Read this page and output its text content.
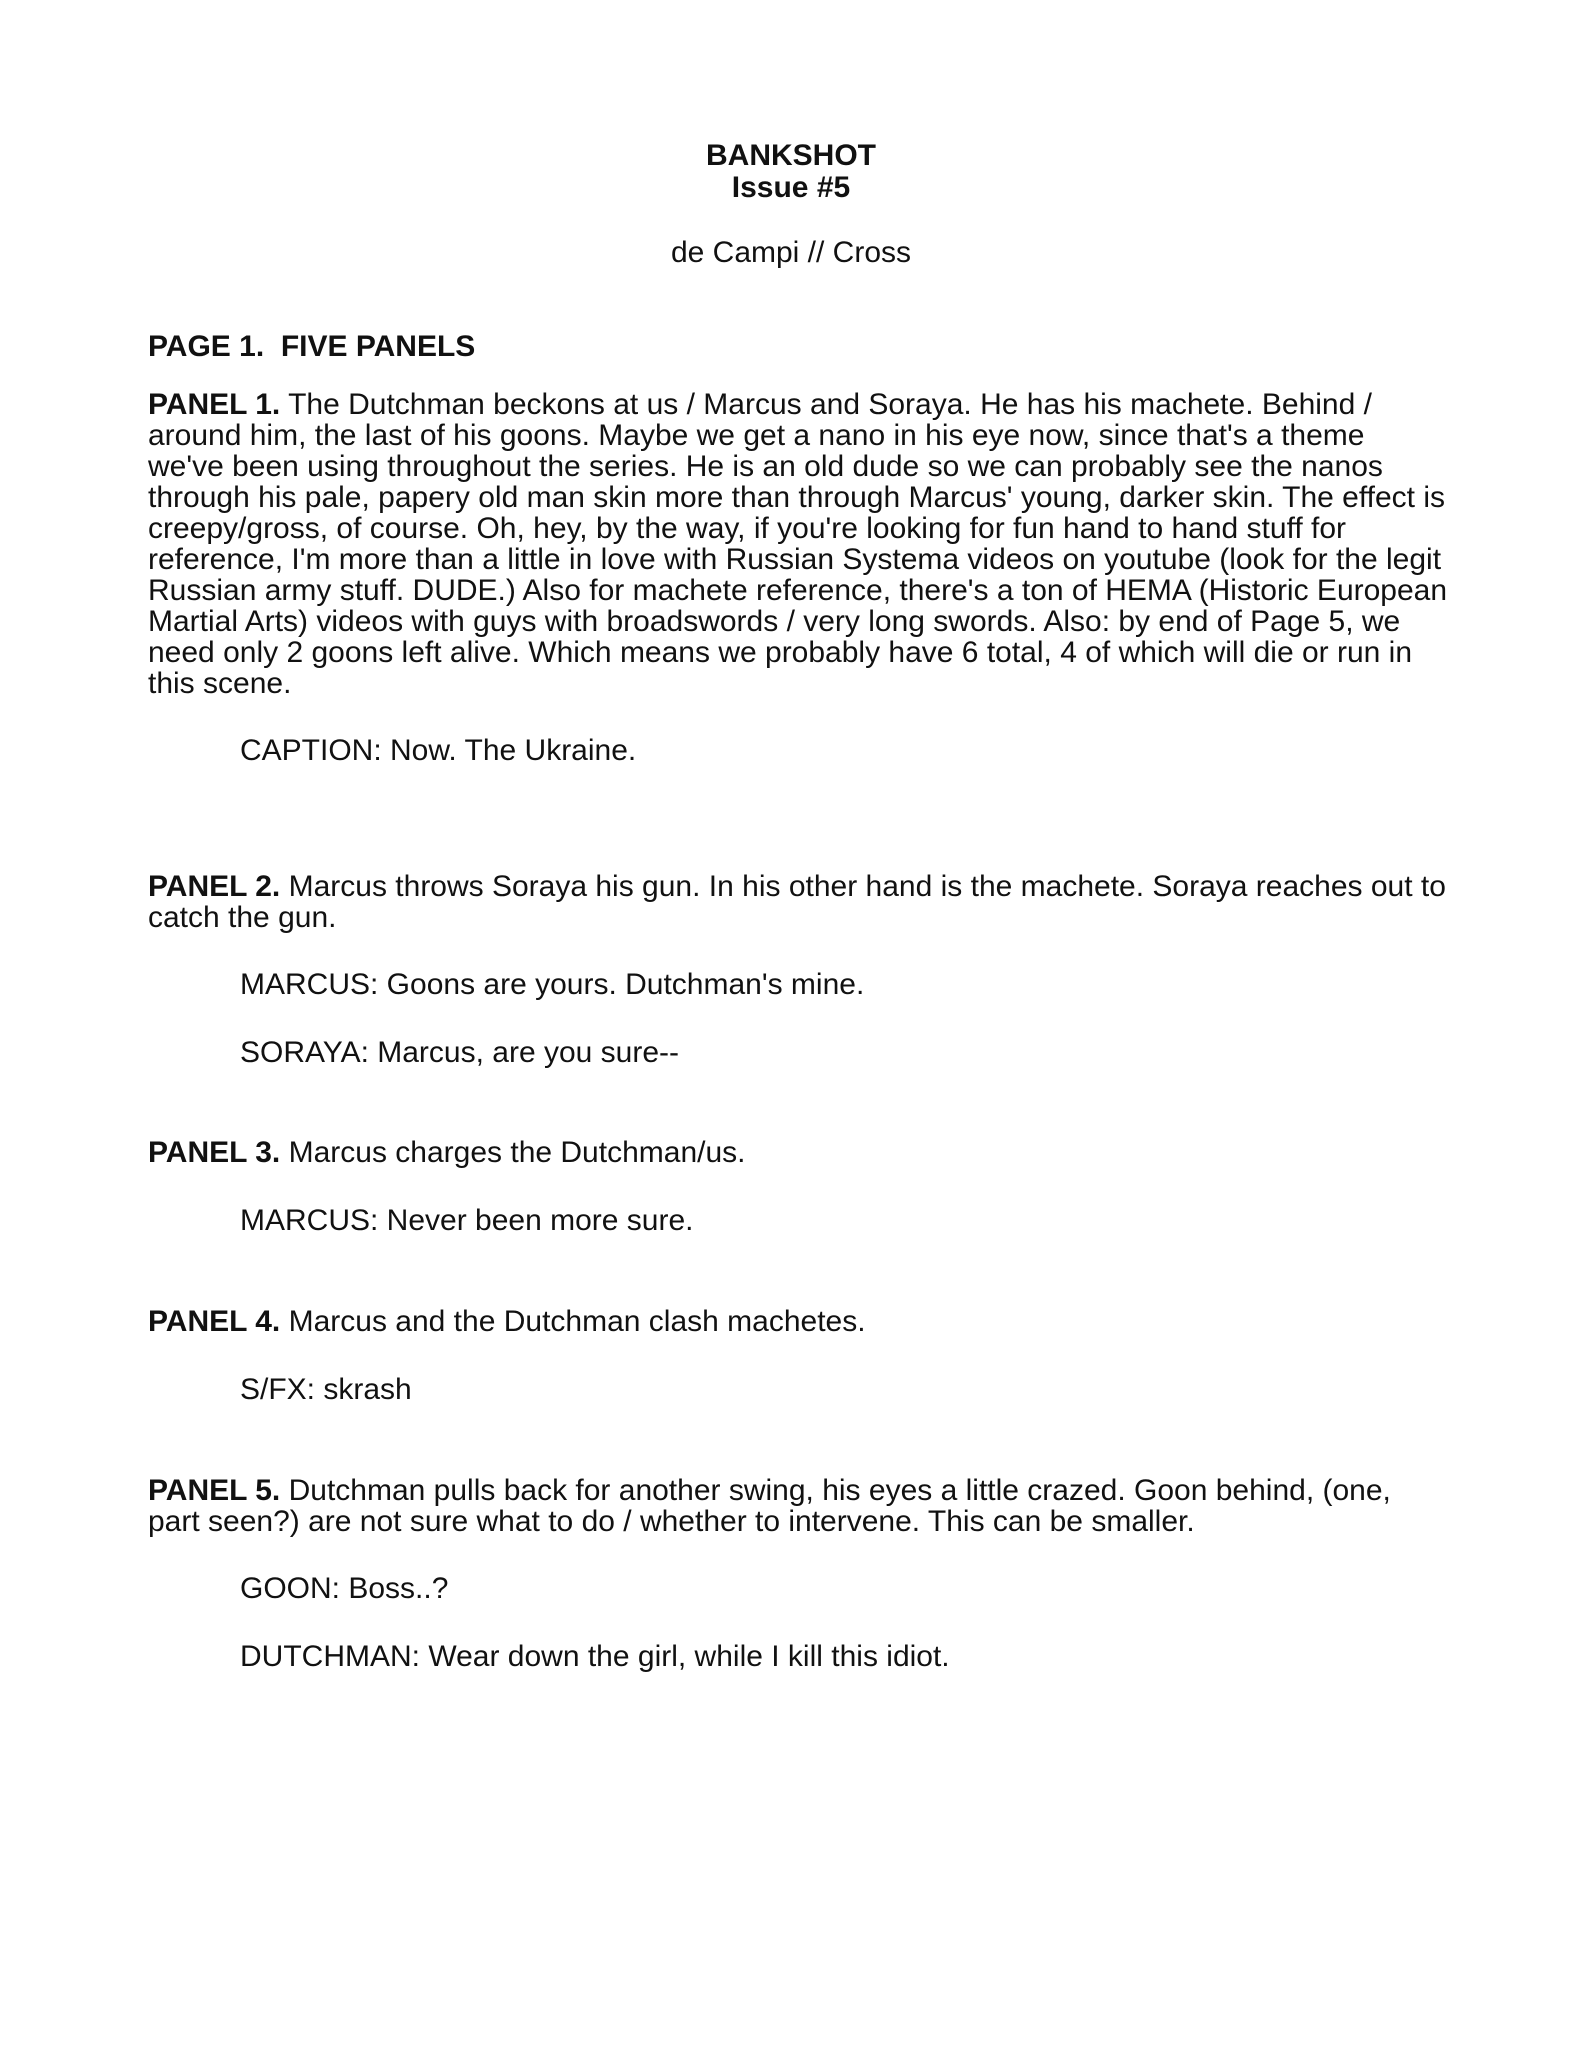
BANKSHOT
Issue #5
de Campi // Cross
PAGE 1.  FIVE PANELS
PANEL 1. The Dutchman beckons at us / Marcus and Soraya. He has his machete. Behind / around him, the last of his goons. Maybe we get a nano in his eye now, since that's a theme we've been using throughout the series. He is an old dude so we can probably see the nanos through his pale, papery old man skin more than through Marcus' young, darker skin. The effect is creepy/gross, of course. Oh, hey, by the way, if you're looking for fun hand to hand stuff for reference, I'm more than a little in love with Russian Systema videos on youtube (look for the legit Russian army stuff. DUDE.) Also for machete reference, there's a ton of HEMA (Historic European Martial Arts) videos with guys with broadswords / very long swords. Also: by end of Page 5, we need only 2 goons left alive. Which means we probably have 6 total, 4 of which will die or run in this scene.
CAPTION: Now. The Ukraine.
PANEL 2. Marcus throws Soraya his gun. In his other hand is the machete. Soraya reaches out to catch the gun.
MARCUS: Goons are yours. Dutchman's mine.
SORAYA: Marcus, are you sure--
PANEL 3. Marcus charges the Dutchman/us.
MARCUS: Never been more sure.
PANEL 4. Marcus and the Dutchman clash machetes.
S/FX: skrash
PANEL 5. Dutchman pulls back for another swing, his eyes a little crazed. Goon behind, (one, part seen?) are not sure what to do / whether to intervene. This can be smaller.
GOON: Boss..?
DUTCHMAN: Wear down the girl, while I kill this idiot.
